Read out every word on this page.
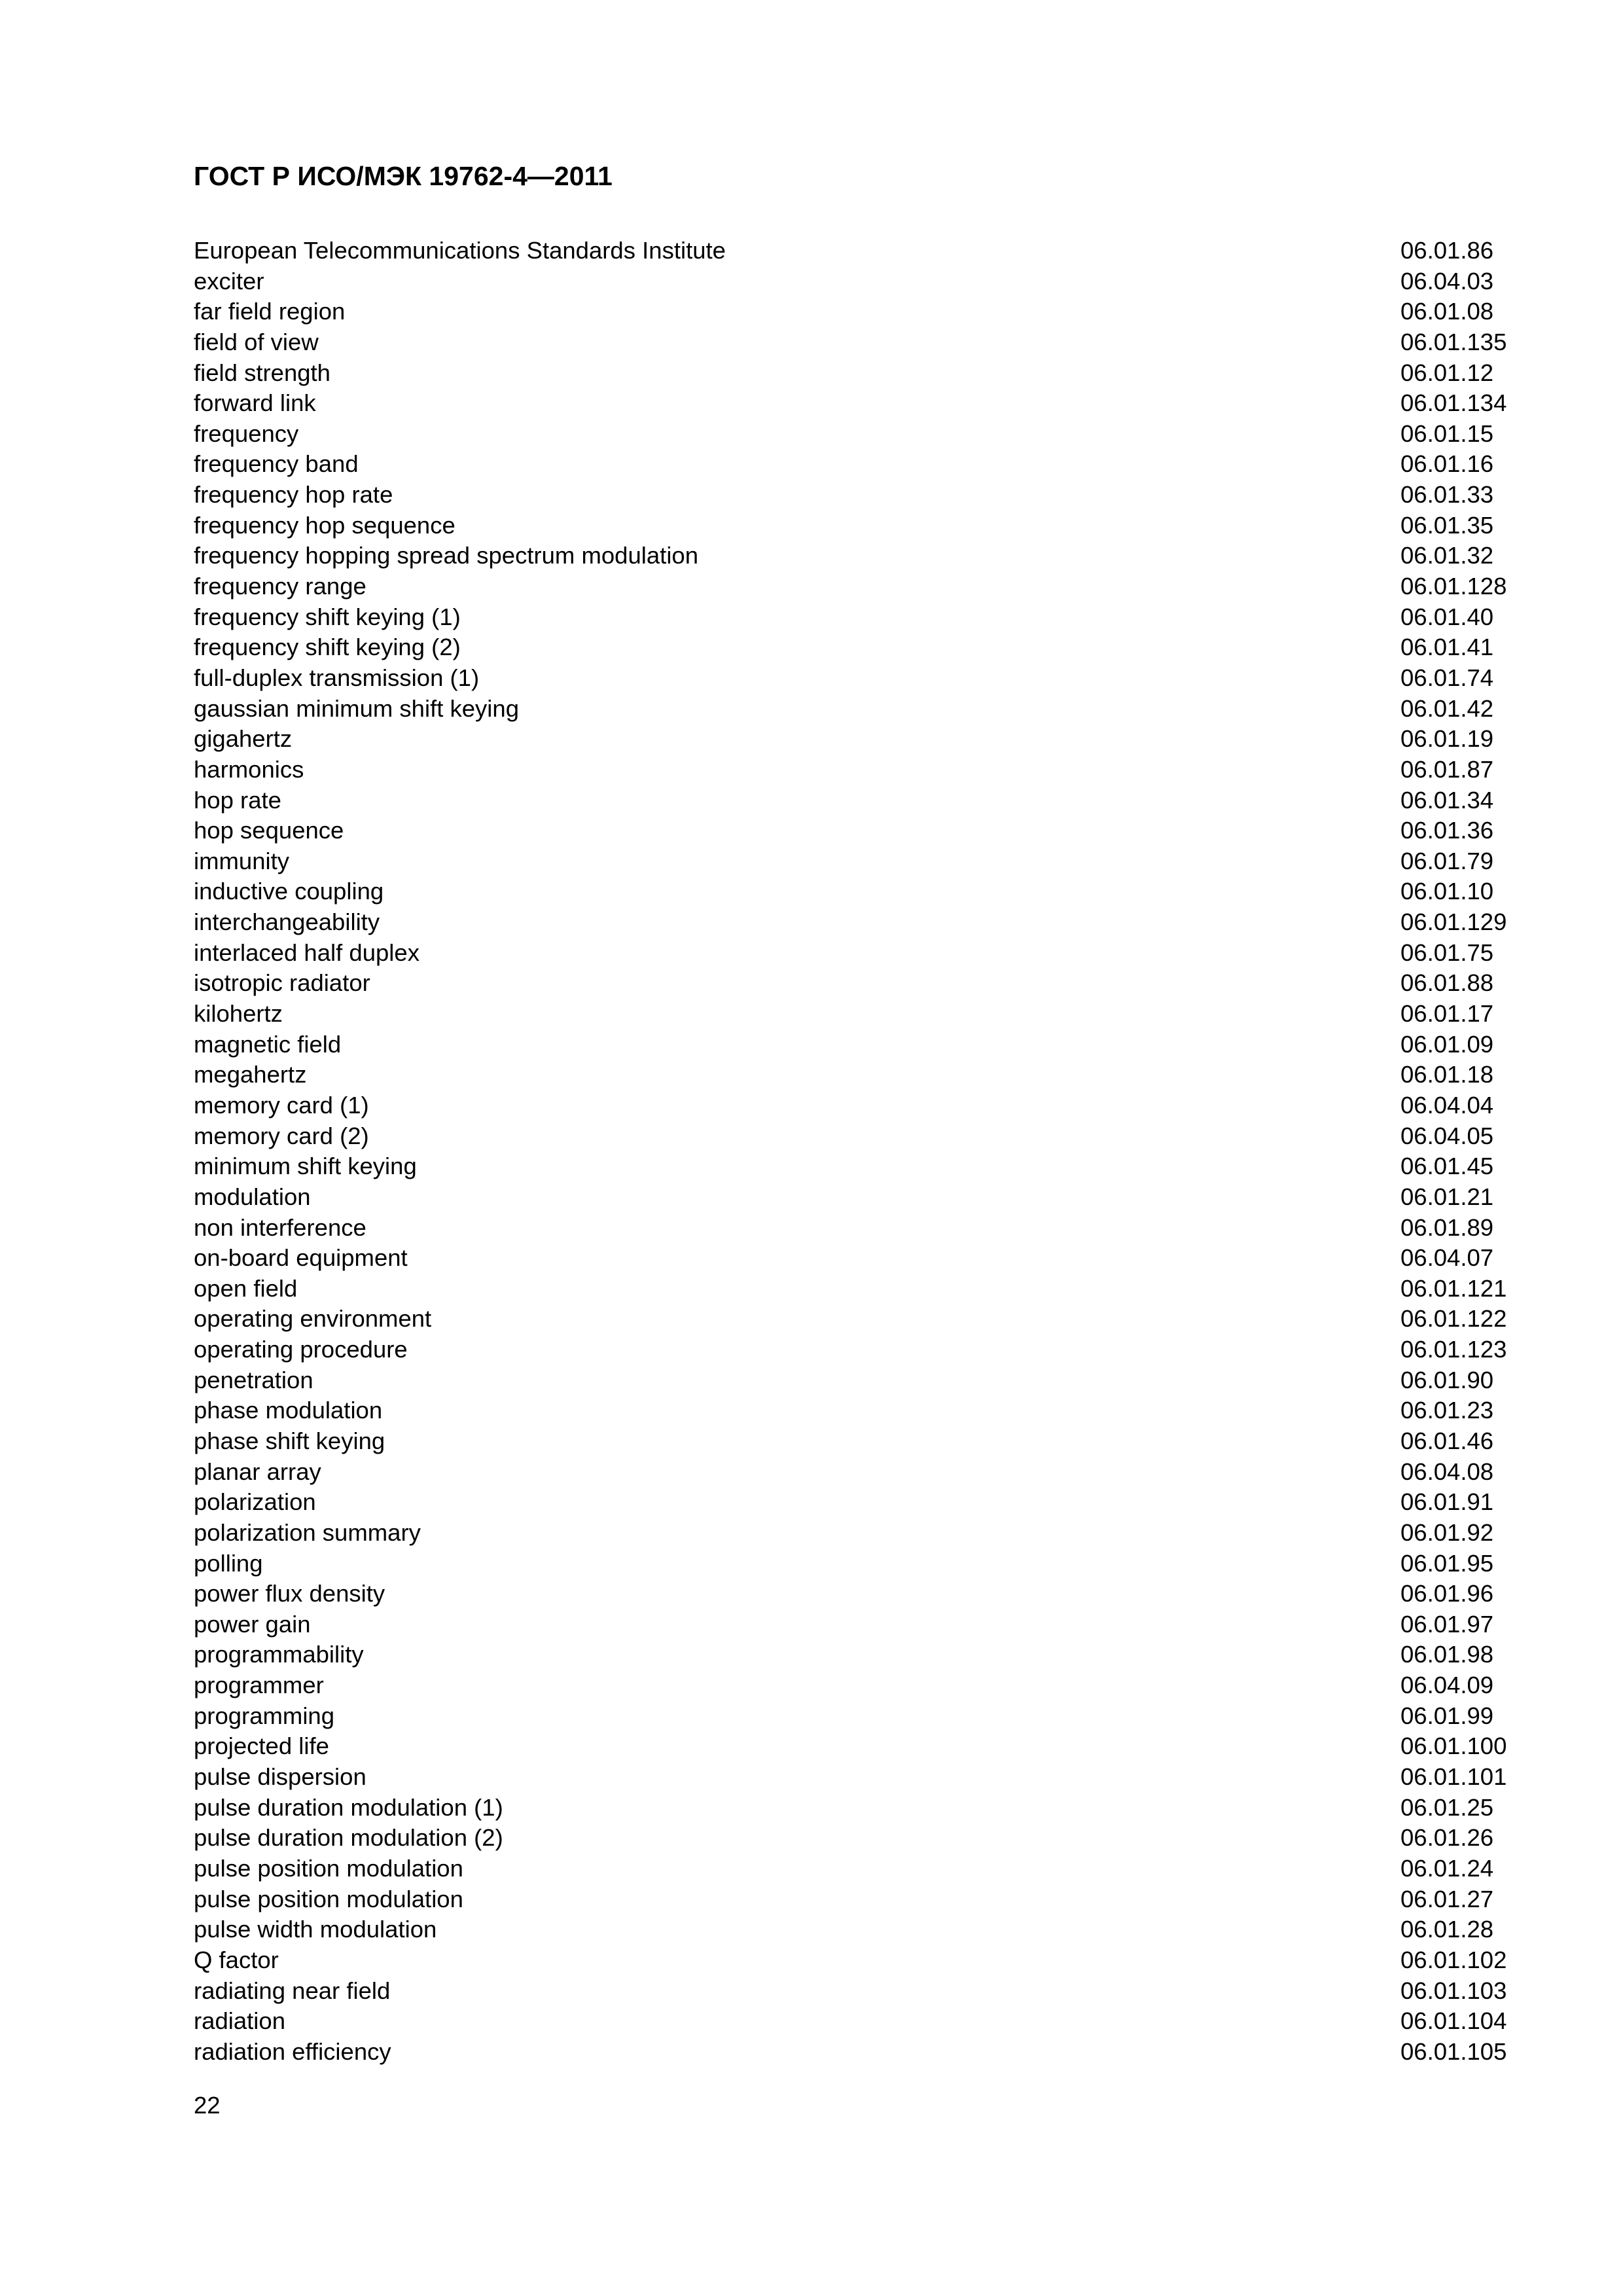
ГОСТ Р ИСО/МЭК 19762-4—2011
European Telecommunications Standards Institute	06.01.86
exciter	06.04.03
far field region	06.01.08
field of view	06.01.135
field strength	06.01.12
forward link	06.01.134
frequency	06.01.15
frequency band	06.01.16
frequency hop rate	06.01.33
frequency hop sequence	06.01.35
frequency hopping spread spectrum modulation	06.01.32
frequency range	06.01.128
frequency shift keying (1)	06.01.40
frequency shift keying (2)	06.01.41
full-duplex transmission (1)	06.01.74
gaussian minimum shift keying	06.01.42
gigahertz	06.01.19
harmonics	06.01.87
hop rate	06.01.34
hop sequence	06.01.36
immunity	06.01.79
inductive coupling	06.01.10
interchangeability	06.01.129
interlaced half duplex	06.01.75
isotropic radiator	06.01.88
kilohertz	06.01.17
magnetic field	06.01.09
megahertz	06.01.18
memory card (1)	06.04.04
memory card (2)	06.04.05
minimum shift keying	06.01.45
modulation	06.01.21
non interference	06.01.89
on-board equipment	06.04.07
open field	06.01.121
operating environment	06.01.122
operating procedure	06.01.123
penetration	06.01.90
phase modulation	06.01.23
phase shift keying	06.01.46
planar array	06.04.08
polarization	06.01.91
polarization summary	06.01.92
polling	06.01.95
power flux density	06.01.96
power gain	06.01.97
programmability	06.01.98
programmer	06.04.09
programming	06.01.99
projected life	06.01.100
pulse dispersion	06.01.101
pulse duration modulation (1)	06.01.25
pulse duration modulation (2)	06.01.26
pulse position modulation	06.01.24
pulse position modulation	06.01.27
pulse width modulation	06.01.28
Q factor	06.01.102
radiating near field	06.01.103
radiation	06.01.104
radiation efficiency	06.01.105
22
